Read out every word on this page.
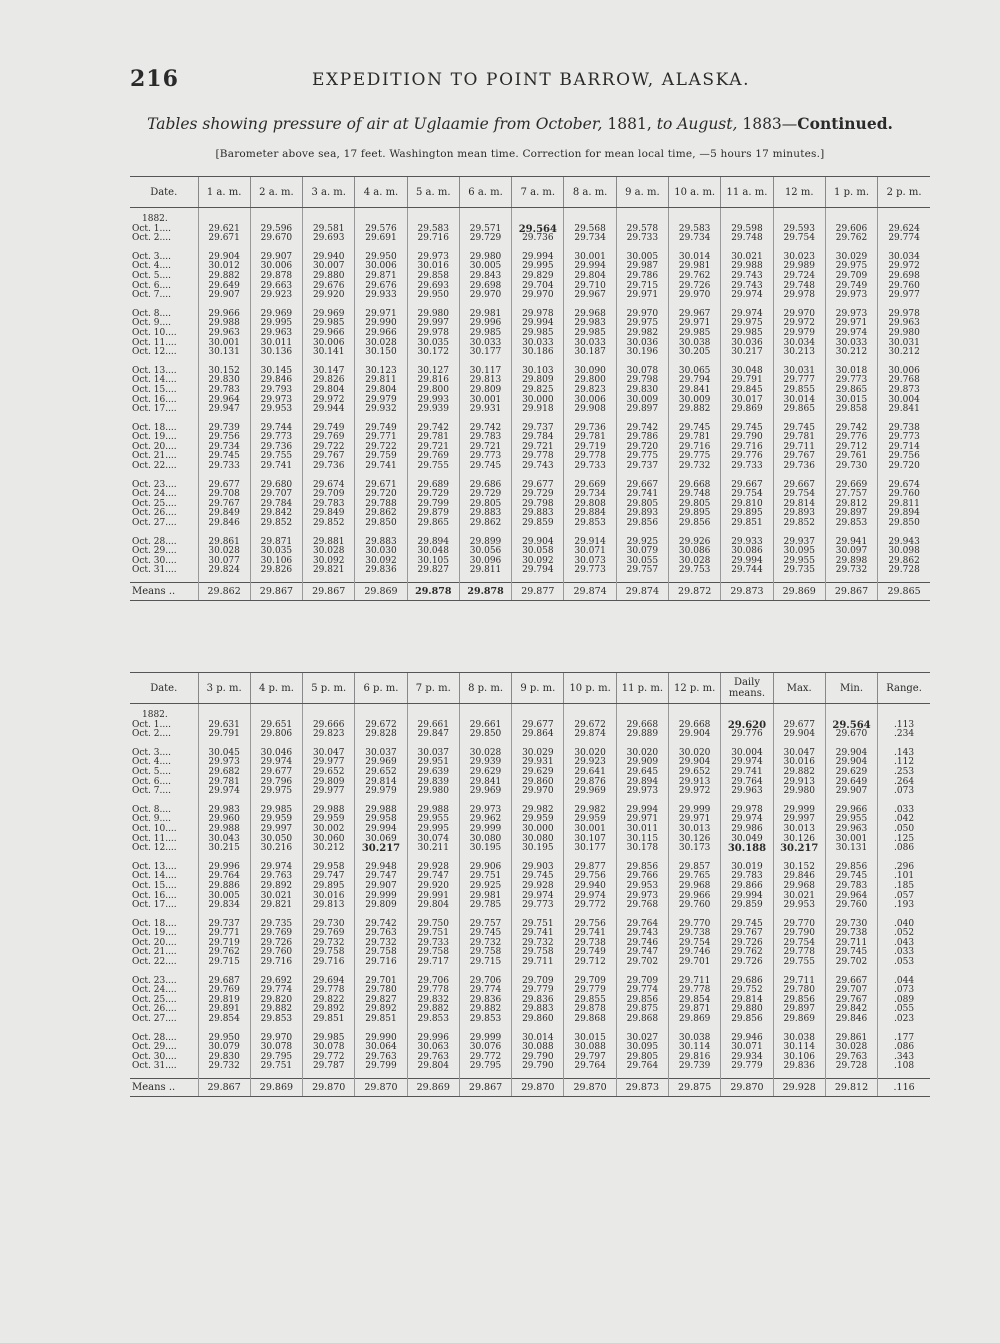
216	EXPEDITION TO POINT BARROW, ALASKA.
Tables showing pressure of air at Uglaamie from October, 1881, to August, 1883—Continued.
[Barometer above sea, 17 feet. Washington mean time. Correction for mean local time, —5 hours 17 minutes.]
Date.	1 a. m.	2 a. m.	3 a. m.	4 a. m.	5 a. m.	6 a. m.	7 a. m.	8 a. m.	9 a. m.	10 a. m.	11 a. m.	12 m.	1 p. m.	2 p. m.
1882.														
Oct. 1....	29.621	29.596	29.581	29.576	29.583	29.571	29.564	29.568	29.578	29.583	29.598	29.593	29.606	29.624
Oct. 2....	29.671	29.670	29.693	29.691	29.716	29.729	29.736	29.734	29.733	29.734	29.748	29.754	29.762	29.774

Oct. 3....	29.904	29.907	29.940	29.950	29.973	29.980	29.994	30.001	30.005	30.014	30.021	30.023	30.029	30.034
Oct. 4....	30.012	30.006	30.007	30.006	30.016	30.005	29.995	29.994	29.987	29.981	29.988	29.989	29.975	29.972
Oct. 5....	29.882	29.878	29.880	29.871	29.858	29.843	29.829	29.804	29.786	29.762	29.743	29.724	29.709	29.698
Oct. 6....	29.649	29.663	29.676	29.676	29.693	29.698	29.704	29.710	29.715	29.726	29.743	29.748	29.749	29.760
Oct. 7....	29.907	29.923	29.920	29.933	29.950	29.970	29.970	29.967	29.971	29.970	29.974	29.978	29.973	29.977

Oct. 8....	29.966	29.969	29.969	29.971	29.980	29.981	29.978	29.968	29.970	29.967	29.974	29.970	29.973	29.978
Oct. 9....	29.988	29.995	29.985	29.990	29.997	29.996	29.994	29.983	29.975	29.971	29.975	29.972	29.971	29.963
Oct. 10....	29.963	29.963	29.966	29.966	29.978	29.985	29.985	29.985	29.982	29.985	29.985	29.979	29.974	29.980
Oct. 11....	30.001	30.011	30.006	30.028	30.035	30.033	30.033	30.033	30.036	30.038	30.036	30.034	30.033	30.031
Oct. 12....	30.131	30.136	30.141	30.150	30.172	30.177	30.186	30.187	30.196	30.205	30.217	30.213	30.212	30.212

Oct. 13....	30.152	30.145	30.147	30.123	30.127	30.117	30.103	30.090	30.078	30.065	30.048	30.031	30.018	30.006
Oct. 14....	29.830	29.846	29.826	29.811	29.816	29.813	29.809	29.800	29.798	29.794	29.791	29.777	29.773	29.768
Oct. 15....	29.783	29.793	29.804	29.804	29.800	29.809	29.825	29.823	29.830	29.841	29.845	29.855	29.865	29.873
Oct. 16....	29.964	29.973	29.972	29.979	29.993	30.001	30.000	30.006	30.009	30.009	30.017	30.014	30.015	30.004
Oct. 17....	29.947	29.953	29.944	29.932	29.939	29.931	29.918	29.908	29.897	29.882	29.869	29.865	29.858	29.841

Oct. 18....	29.739	29.744	29.749	29.749	29.742	29.742	29.737	29.736	29.742	29.745	29.745	29.745	29.742	29.738
Oct. 19....	29.756	29.773	29.769	29.771	29.781	29.783	29.784	29.781	29.786	29.781	29.790	29.781	29.776	29.773
Oct. 20....	29.734	29.736	29.722	29.722	29.721	29.721	29.721	29.719	29.720	29.716	29.716	29.711	29.712	29.714
Oct. 21....	29.745	29.755	29.767	29.759	29.769	29.773	29.778	29.778	29.775	29.775	29.776	29.767	29.761	29.756
Oct. 22....	29.733	29.741	29.736	29.741	29.755	29.745	29.743	29.733	29.737	29.732	29.733	29.736	29.730	29.720

Oct. 23....	29.677	29.680	29.674	29.671	29.689	29.686	29.677	29.669	29.667	29.668	29.667	29.667	29.669	29.674
Oct. 24....	29.708	29.707	29.709	29.720	29.729	29.729	29.729	29.734	29.741	29.748	29.754	29.754	27.757	29.760
Oct. 25....	29.767	29.784	29.783	29.788	29.799	29.805	29.798	29.808	29.805	29.805	29.810	29.814	29.812	29.811
Oct. 26....	29.849	29.842	29.849	29.862	29.879	29.883	29.883	29.884	29.893	29.895	29.895	29.893	29.897	29.894
Oct. 27....	29.846	29.852	29.852	29.850	29.865	29.862	29.859	29.853	29.856	29.856	29.851	29.852	29.853	29.850

Oct. 28....	29.861	29.871	29.881	29.883	29.894	29.899	29.904	29.914	29.925	29.926	29.933	29.937	29.941	29.943
Oct. 29....	30.028	30.035	30.028	30.030	30.048	30.056	30.058	30.071	30.079	30.086	30.086	30.095	30.097	30.098
Oct. 30....	30.077	30.106	30.092	30.092	30.105	30.096	30.092	30.073	30.055	30.028	29.994	29.955	29.898	29.862
Oct. 31....	29.824	29.826	29.821	29.836	29.827	29.811	29.794	29.773	29.757	29.753	29.744	29.735	29.732	29.728

Means ..	29.862	29.867	29.867	29.869	29.878	29.878	29.877	29.874	29.874	29.872	29.873	29.869	29.867	29.865
Date.	3 p. m.	4 p. m.	5 p. m.	6 p. m.	7 p. m.	8 p. m.	9 p. m.	10 p. m.	11 p. m.	12 p. m.	Daily means.	Max.	Min.	Range.
1882.														
Oct. 1....	29.631	29.651	29.666	29.672	29.661	29.661	29.677	29.672	29.668	29.668	29.620	29.677	29.564	.113
Oct. 2....	29.791	29.806	29.823	29.828	29.847	29.850	29.864	29.874	29.889	29.904	29.776	29.904	29.670	.234

Oct. 3....	30.045	30.046	30.047	30.037	30.037	30.028	30.029	30.020	30.020	30.020	30.004	30.047	29.904	.143
Oct. 4....	29.973	29.974	29.977	29.969	29.951	29.939	29.931	29.923	29.909	29.904	29.974	30.016	29.904	.112
Oct. 5....	29.682	29.677	29.652	29.652	29.639	29.629	29.629	29.641	29.645	29.652	29.741	29.882	29.629	.253
Oct. 6....	29.781	29.796	29.809	29.814	29.839	29.841	29.860	29.876	29.894	29.913	29.764	29.913	29.649	.264
Oct. 7....	29.974	29.975	29.977	29.979	29.980	29.969	29.970	29.969	29.973	29.972	29.963	29.980	29.907	.073

Oct. 8....	29.983	29.985	29.988	29.988	29.988	29.973	29.982	29.982	29.994	29.999	29.978	29.999	29.966	.033
Oct. 9....	29.960	29.959	29.959	29.958	29.955	29.962	29.959	29.959	29.971	29.971	29.974	29.997	29.955	.042
Oct. 10....	29.988	29.997	30.002	29.994	29.995	29.999	30.000	30.001	30.011	30.013	29.986	30.013	29.963	.050
Oct. 11....	30.043	30.050	30.060	30.069	30.074	30.080	30.080	30.107	30.115	30.126	30.049	30.126	30.001	.125
Oct. 12....	30.215	30.216	30.212	30.217	30.211	30.195	30.195	30.177	30.178	30.173	30.188	30.217	30.131	.086

Oct. 13....	29.996	29.974	29.958	29.948	29.928	29.906	29.903	29.877	29.856	29.857	30.019	30.152	29.856	.296
Oct. 14....	29.764	29.763	29.747	29.747	29.747	29.751	29.745	29.756	29.766	29.765	29.783	29.846	29.745	.101
Oct. 15....	29.886	29.892	29.895	29.907	29.920	29.925	29.928	29.940	29.953	29.968	29.866	29.968	29.783	.185
Oct. 16....	30.005	30.021	30.016	29.999	29.991	29.981	29.974	29.974	29.973	29.966	29.994	30.021	29.964	.057
Oct. 17....	29.834	29.821	29.813	29.809	29.804	29.785	29.773	29.772	29.768	29.760	29.859	29.953	29.760	.193

Oct. 18....	29.737	29.735	29.730	29.742	29.750	29.757	29.751	29.756	29.764	29.770	29.745	29.770	29.730	.040
Oct. 19....	29.771	29.769	29.769	29.763	29.751	29.745	29.741	29.741	29.743	29.738	29.767	29.790	29.738	.052
Oct. 20....	29.719	29.726	29.732	29.732	29.733	29.732	29.732	29.738	29.746	29.754	29.726	29.754	29.711	.043
Oct. 21....	29.762	29.760	29.758	29.758	29.758	29.758	29.758	29.749	29.747	29.746	29.762	29.778	29.745	.033
Oct. 22....	29.715	29.716	29.716	29.716	29.717	29.715	29.711	29.712	29.702	29.701	29.726	29.755	29.702	.053

Oct. 23....	29.687	29.692	29.694	29.701	29.706	29.706	29.709	29.709	29.709	29.711	29.686	29.711	29.667	.044
Oct. 24....	29.769	29.774	29.778	29.780	29.778	29.774	29.779	29.779	29.774	29.778	29.752	29.780	29.707	.073
Oct. 25....	29.819	29.820	29.822	29.827	29.832	29.836	29.836	29.855	29.856	29.854	29.814	29.856	29.767	.089
Oct. 26....	29.891	29.882	29.892	29.892	29.882	29.882	29.883	29.878	29.875	29.871	29.880	29.897	29.842	.055
Oct. 27....	29.854	29.853	29.851	29.851	29.853	29.853	29.860	29.868	29.868	29.869	29.856	29.869	29.846	.023

Oct. 28....	29.950	29.970	29.985	29.990	29.996	29.999	30.014	30.015	30.027	30.038	29.946	30.038	29.861	.177
Oct. 29....	30.079	30.078	30.078	30.064	30.063	30.076	30.088	30.088	30.095	30.114	30.071	30.114	30.028	.086
Oct. 30....	29.830	29.795	29.772	29.763	29.763	29.772	29.790	29.797	29.805	29.816	29.934	30.106	29.763	.343
Oct. 31....	29.732	29.751	29.787	29.799	29.804	29.795	29.790	29.764	29.764	29.739	29.779	29.836	29.728	.108

Means ..	29.867	29.869	29.870	29.870	29.869	29.867	29.870	29.870	29.873	29.875	29.870	29.928	29.812	.116
